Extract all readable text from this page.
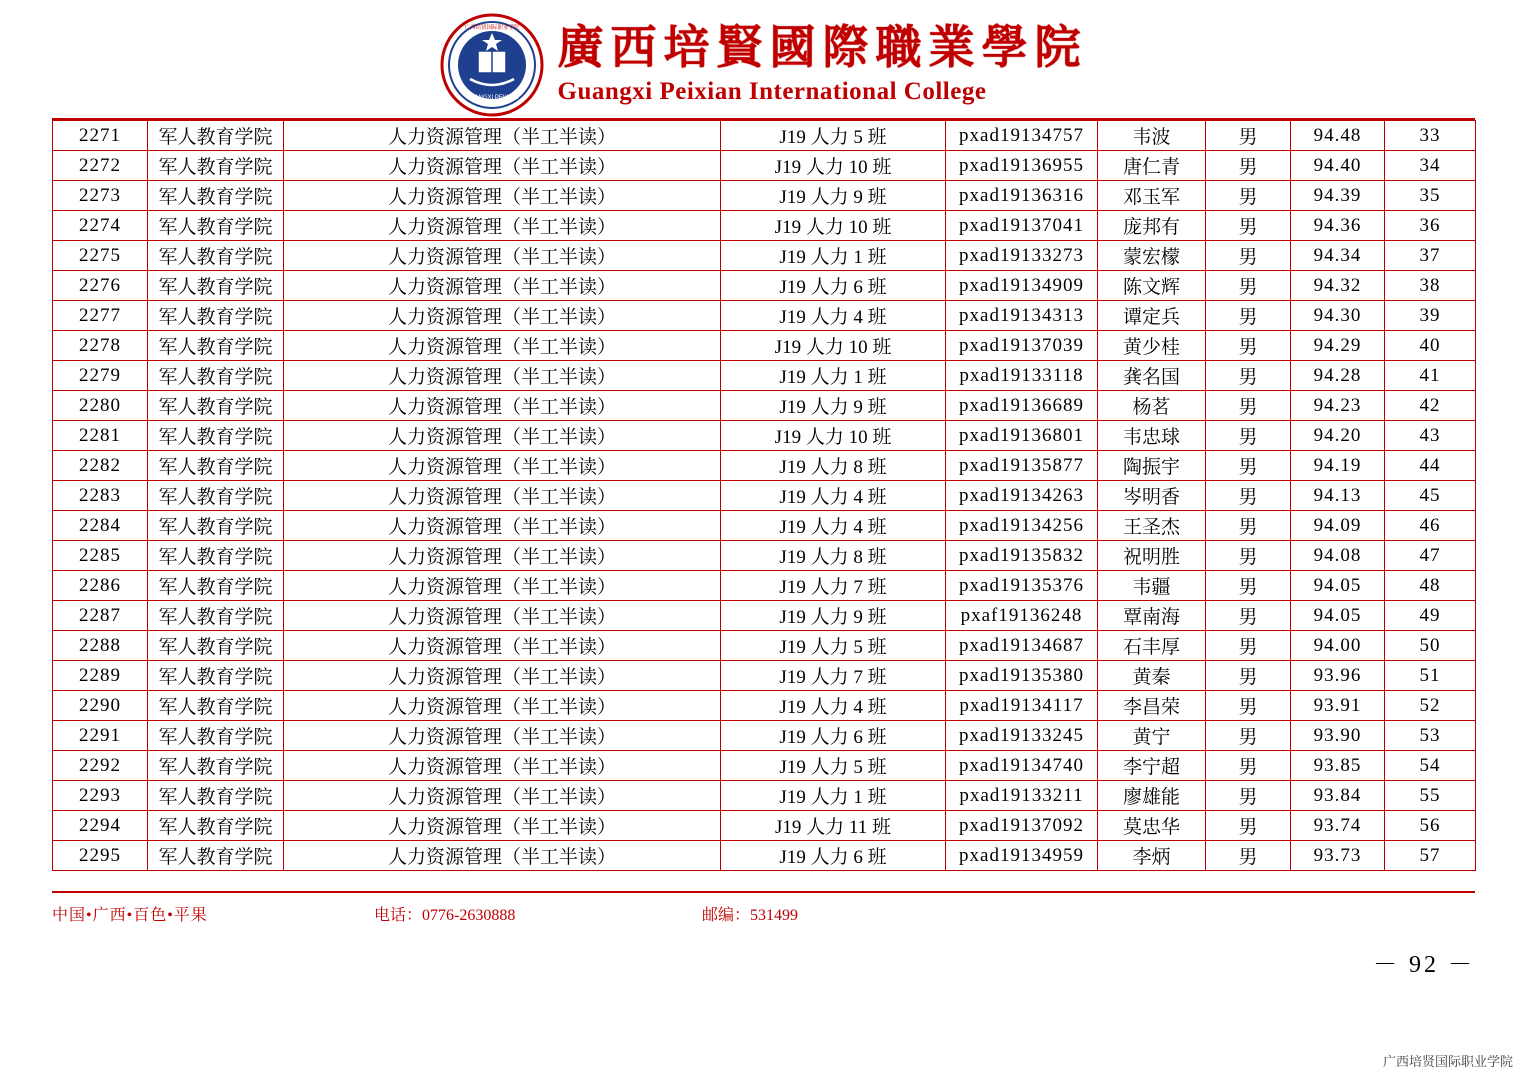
GUANGXI PEIXIAN
广西培贤国际职业学院 廣西培賢國際職業學院
Guangxi Peixian International College
2271	军人教育学院	人力资源管理（半工半读）	J19 人力 5 班	pxad19134757	韦波	男	94.48	33
2272	军人教育学院	人力资源管理（半工半读）	J19 人力 10 班	pxad19136955	唐仁青	男	94.40	34
2273	军人教育学院	人力资源管理（半工半读）	J19 人力 9 班	pxad19136316	邓玉军	男	94.39	35
2274	军人教育学院	人力资源管理（半工半读）	J19 人力 10 班	pxad19137041	庞邦有	男	94.36	36
2275	军人教育学院	人力资源管理（半工半读）	J19 人力 1 班	pxad19133273	蒙宏檬	男	94.34	37
2276	军人教育学院	人力资源管理（半工半读）	J19 人力 6 班	pxad19134909	陈文辉	男	94.32	38
2277	军人教育学院	人力资源管理（半工半读）	J19 人力 4 班	pxad19134313	谭定兵	男	94.30	39
2278	军人教育学院	人力资源管理（半工半读）	J19 人力 10 班	pxad19137039	黄少桂	男	94.29	40
2279	军人教育学院	人力资源管理（半工半读）	J19 人力 1 班	pxad19133118	龚名国	男	94.28	41
2280	军人教育学院	人力资源管理（半工半读）	J19 人力 9 班	pxad19136689	杨茗	男	94.23	42
2281	军人教育学院	人力资源管理（半工半读）	J19 人力 10 班	pxad19136801	韦忠球	男	94.20	43
2282	军人教育学院	人力资源管理（半工半读）	J19 人力 8 班	pxad19135877	陶振宇	男	94.19	44
2283	军人教育学院	人力资源管理（半工半读）	J19 人力 4 班	pxad19134263	岑明香	男	94.13	45
2284	军人教育学院	人力资源管理（半工半读）	J19 人力 4 班	pxad19134256	王圣杰	男	94.09	46
2285	军人教育学院	人力资源管理（半工半读）	J19 人力 8 班	pxad19135832	祝明胜	男	94.08	47
2286	军人教育学院	人力资源管理（半工半读）	J19 人力 7 班	pxad19135376	韦疆	男	94.05	48
2287	军人教育学院	人力资源管理（半工半读）	J19 人力 9 班	pxaf19136248	覃南海	男	94.05	49
2288	军人教育学院	人力资源管理（半工半读）	J19 人力 5 班	pxad19134687	石丰厚	男	94.00	50
2289	军人教育学院	人力资源管理（半工半读）	J19 人力 7 班	pxad19135380	黄秦	男	93.96	51
2290	军人教育学院	人力资源管理（半工半读）	J19 人力 4 班	pxad19134117	李昌荣	男	93.91	52
2291	军人教育学院	人力资源管理（半工半读）	J19 人力 6 班	pxad19133245	黄宁	男	93.90	53
2292	军人教育学院	人力资源管理（半工半读）	J19 人力 5 班	pxad19134740	李宁超	男	93.85	54
2293	军人教育学院	人力资源管理（半工半读）	J19 人力 1 班	pxad19133211	廖雄能	男	93.84	55
2294	军人教育学院	人力资源管理（半工半读）	J19 人力 11 班	pxad19137092	莫忠华	男	93.74	56
2295	军人教育学院	人力资源管理（半工半读）	J19 人力 6 班	pxad19134959	李炳	男	93.73	57
中国•广西•百色•平果	电话：0776-2630888	邮编：531499
－ 92 －
广西培贤国际职业学院
